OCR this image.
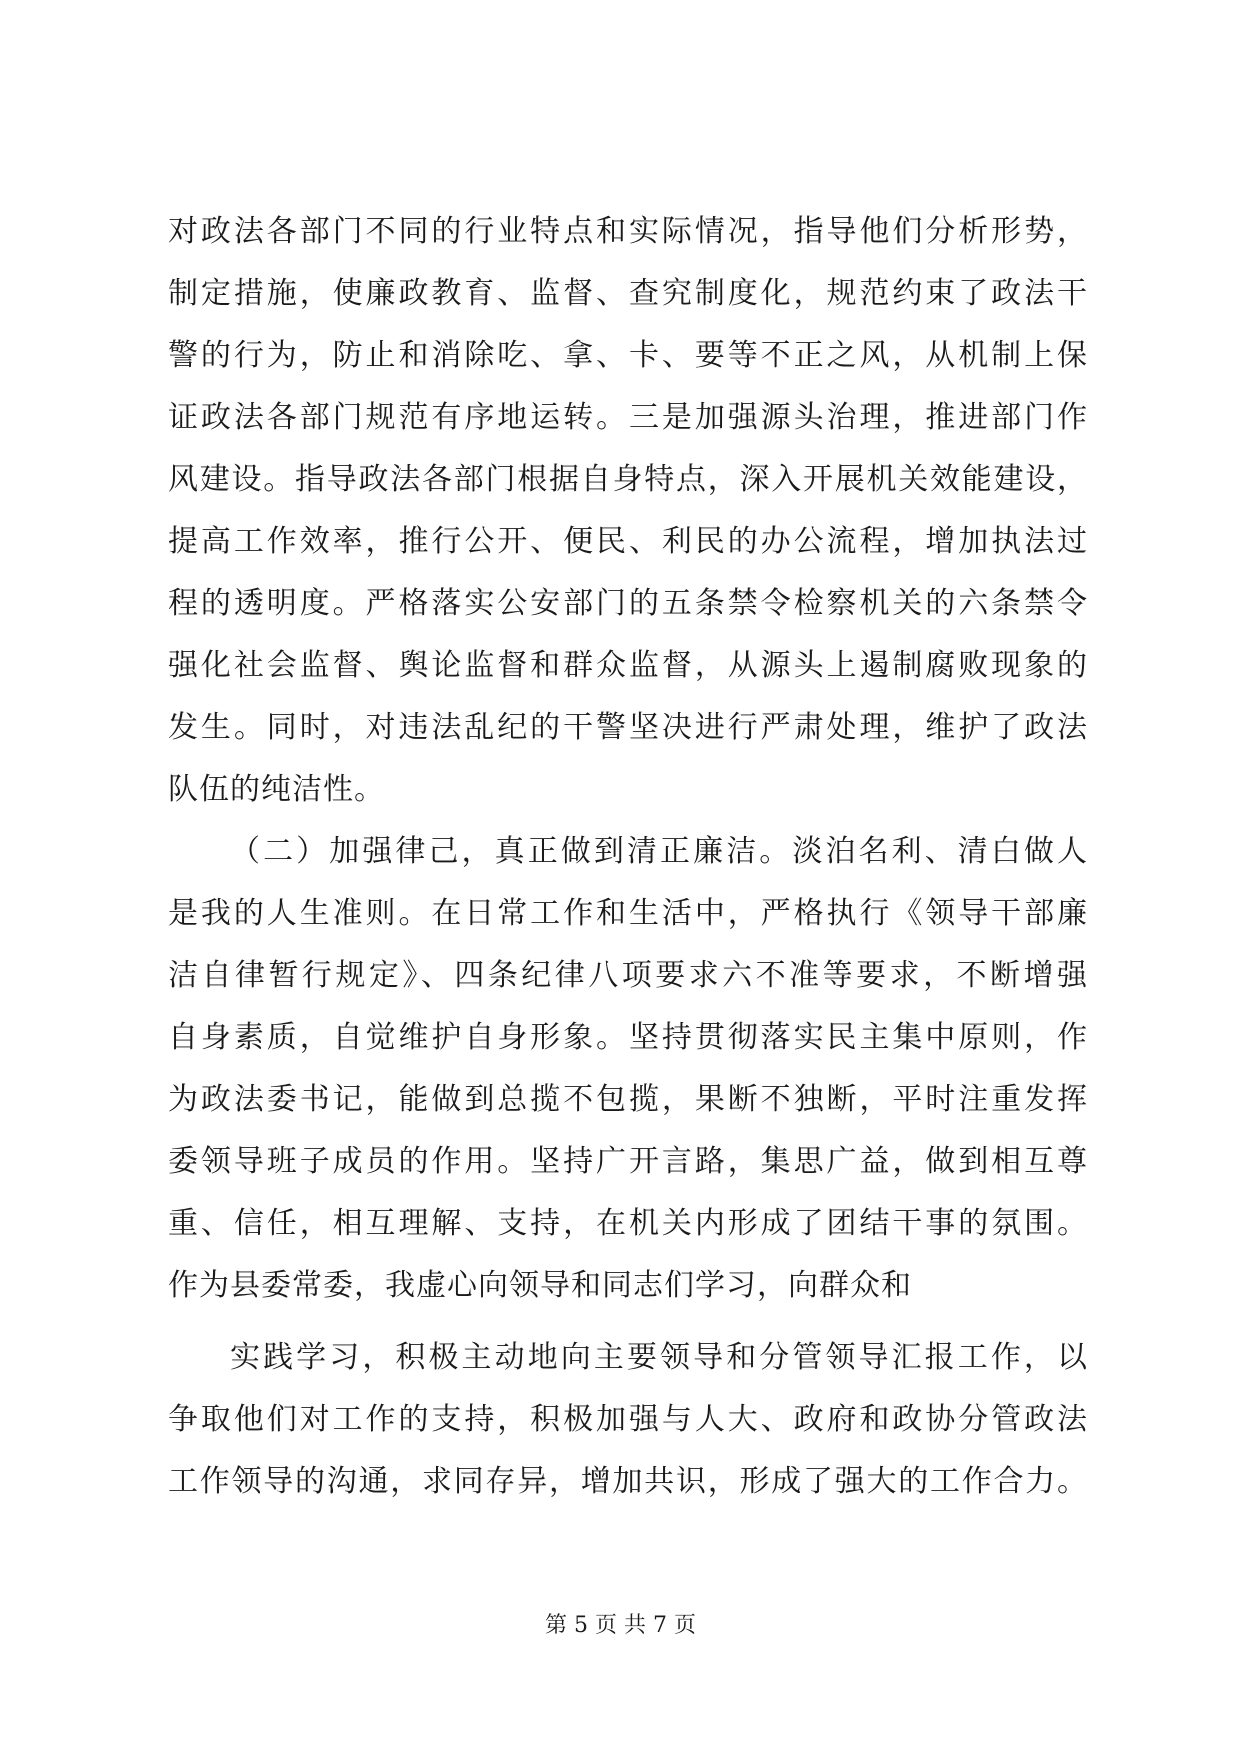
对政法各部门不同的行业特点和实际情况，指导他们分析形势，
制定措施，使廉政教育、监督、查究制度化，规范约束了政法干
警的行为，防止和消除吃、拿、卡、要等不正之风，从机制上保
证政法各部门规范有序地运转。三是加强源头治理，推进部门作
风建设。指导政法各部门根据自身特点，深入开展机关效能建设，
提高工作效率，推行公开、便民、利民的办公流程，增加执法过
程的透明度。严格落实公安部门的五条禁令检察机关的六条禁令
强化社会监督、舆论监督和群众监督，从源头上遏制腐败现象的
发生。同时，对违法乱纪的干警坚决进行严肃处理，维护了政法
队伍的纯洁性。
（二）加强律己，真正做到清正廉洁。淡泊名利、清白做人
是我的人生准则。在日常工作和生活中，严格执行《领导干部廉
洁自律暂行规定》、四条纪律八项要求六不准等要求，不断增强
自身素质，自觉维护自身形象。坚持贯彻落实民主集中原则，作
为政法委书记，能做到总揽不包揽，果断不独断，平时注重发挥
委领导班子成员的作用。坚持广开言路，集思广益，做到相互尊
重、信任，相互理解、支持，在机关内形成了团结干事的氛围。
作为县委常委，我虚心向领导和同志们学习，向群众和
实践学习，积极主动地向主要领导和分管领导汇报工作，以
争取他们对工作的支持，积极加强与人大、政府和政协分管政法
工作领导的沟通，求同存异，增加共识，形成了强大的工作合力。
第 5 页 共 7 页
